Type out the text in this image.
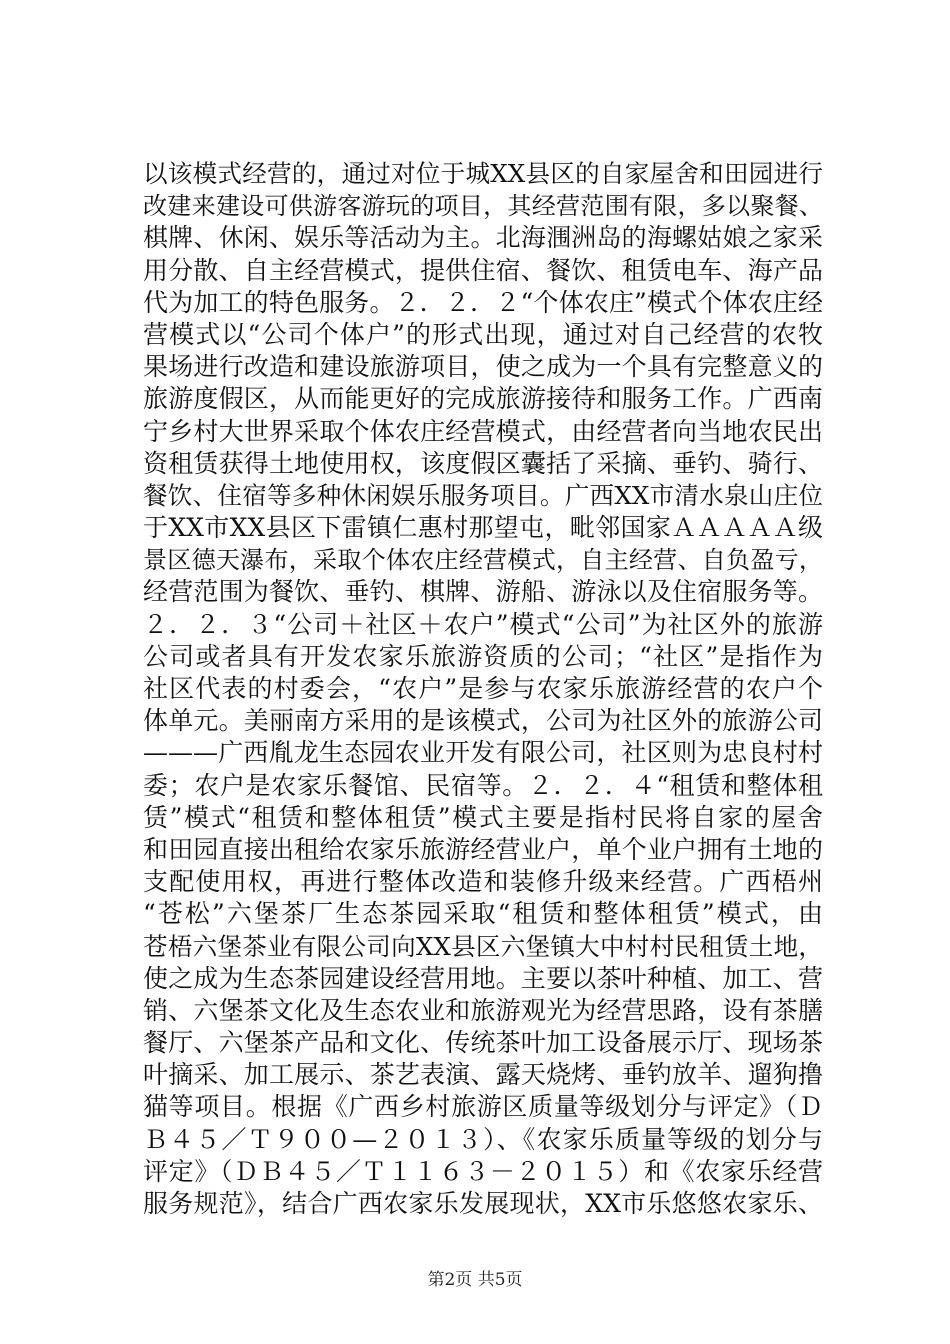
以该模式经营的，通过对位于城XX县区的自家屋舍和田园进行
改建来建设可供游客游玩的项目，其经营范围有限，多以聚餐、
棋牌、休闲、娱乐等活动为主。北海涠洲岛的海螺姑娘之家采
用分散、自主经营模式，提供住宿、餐饮、租赁电车、海产品
代为加工的特色服务。２．２．２“个体农庄”模式个体农庄经
营模式以“公司个体户”的形式出现，通过对自己经营的农牧
果场进行改造和建设旅游项目，使之成为一个具有完整意义的
旅游度假区，从而能更好的完成旅游接待和服务工作。广西南
宁乡村大世界采取个体农庄经营模式，由经营者向当地农民出
资租赁获得土地使用权，该度假区囊括了采摘、垂钓、骑行、
餐饮、住宿等多种休闲娱乐服务项目。广西XX市清水泉山庄位
于XX市XX县区下雷镇仁惠村那望屯，毗邻国家ＡＡＡＡＡ级
景区德天瀑布，采取个体农庄经营模式，自主经营、自负盈亏，
经营范围为餐饮、垂钓、棋牌、游船、游泳以及住宿服务等。
２．２．３“公司＋社区＋农户”模式“公司”为社区外的旅游
公司或者具有开发农家乐旅游资质的公司；“社区”是指作为
社区代表的村委会，“农户”是参与农家乐旅游经营的农户个
体单元。美丽南方采用的是该模式，公司为社区外的旅游公司
———广西胤龙生态园农业开发有限公司，社区则为忠良村村
委；农户是农家乐餐馆、民宿等。２．２．４“租赁和整体租
赁”模式“租赁和整体租赁”模式主要是指村民将自家的屋舍
和田园直接出租给农家乐旅游经营业户，单个业户拥有土地的
支配使用权，再进行整体改造和装修升级来经营。广西梧州
“苍松”六堡茶厂生态茶园采取“租赁和整体租赁”模式，由
苍梧六堡茶业有限公司向XX县区六堡镇大中村村民租赁土地，
使之成为生态茶园建设经营用地。主要以茶叶种植、加工、营
销、六堡茶文化及生态农业和旅游观光为经营思路，设有茶膳
餐厅、六堡茶产品和文化、传统茶叶加工设备展示厅、现场茶
叶摘采、加工展示、茶艺表演、露天烧烤、垂钓放羊、遛狗撸
猫等项目。根据《广西乡村旅游区质量等级划分与评定》（Ｄ
Ｂ４５／Ｔ９００—２０１３）、《农家乐质量等级的划分与
评定》（ＤＢ４５／Ｔ１１６３－２０１５）和《农家乐经营
服务规范》，结合广西农家乐发展现状，XX市乐悠悠农家乐、
第2页 共5页
